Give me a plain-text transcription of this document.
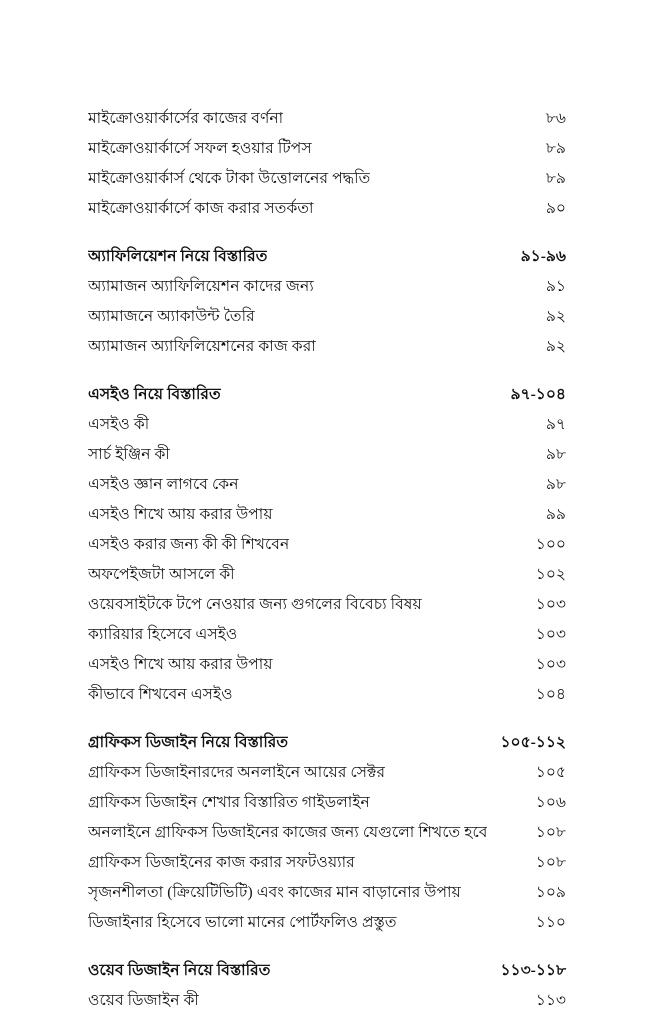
মাইক্রোওয়ার্কার্সের কাজের বর্ণনা	৮৬
মাইক্রোওয়ার্কার্সে সফল হওয়ার টিপস	৮৯
মাইক্রোওয়ার্কার্স থেকে টাকা উত্তোলনের পদ্ধতি	৮৯
মাইক্রোওয়ার্কার্সে কাজ করার সতর্কতা	৯০
অ্যাফিলিয়েশন নিয়ে বিস্তারিত	৯১-৯৬
অ্যামাজন অ্যাফিলিয়েশন কাদের জন্য	৯১
অ্যামাজনে অ্যাকাউন্ট তৈরি	৯২
অ্যামাজন অ্যাফিলিয়েশনের কাজ করা	৯২
এসইও নিয়ে বিস্তারিত	৯৭-১০৪
এসইও কী	৯৭
সার্চ ইঞ্জিন কী	৯৮
এসইও জ্ঞান লাগবে কেন	৯৮
এসইও শিখে আয় করার উপায়	৯৯
এসইও করার জন্য কী কী শিখবেন	১০০
অফপেইজটা আসলে কী	১০২
ওয়েবসাইটকে টপে নেওয়ার জন্য গুগলের বিবেচ্য বিষয়	১০৩
ক্যারিয়ার হিসেবে এসইও	১০৩
এসইও শিখে আয় করার উপায়	১০৩
কীভাবে শিখবেন এসইও	১০৪
গ্রাফিকস ডিজাইন নিয়ে বিস্তারিত	১০৫-১১২
গ্রাফিকস ডিজাইনারদের অনলাইনে আয়ের সেক্টর	১০৫
গ্রাফিকস ডিজাইন শেখার বিস্তারিত গাইডলাইন	১০৬
অনলাইনে গ্রাফিকস ডিজাইনের কাজের জন্য যেগুলো শিখতে হবে	১০৮
গ্রাফিকস ডিজাইনের কাজ করার সফটওয়্যার	১০৮
সৃজনশীলতা (ক্রিয়েটিভিটি) এবং কাজের মান বাড়ানোর উপায়	১০৯
ডিজাইনার হিসেবে ভালো মানের পোর্টফলিও প্রস্তুত	১১০
ওয়েব ডিজাইন নিয়ে বিস্তারিত	১১৩-১১৮
ওয়েব ডিজাইন কী	১১৩
